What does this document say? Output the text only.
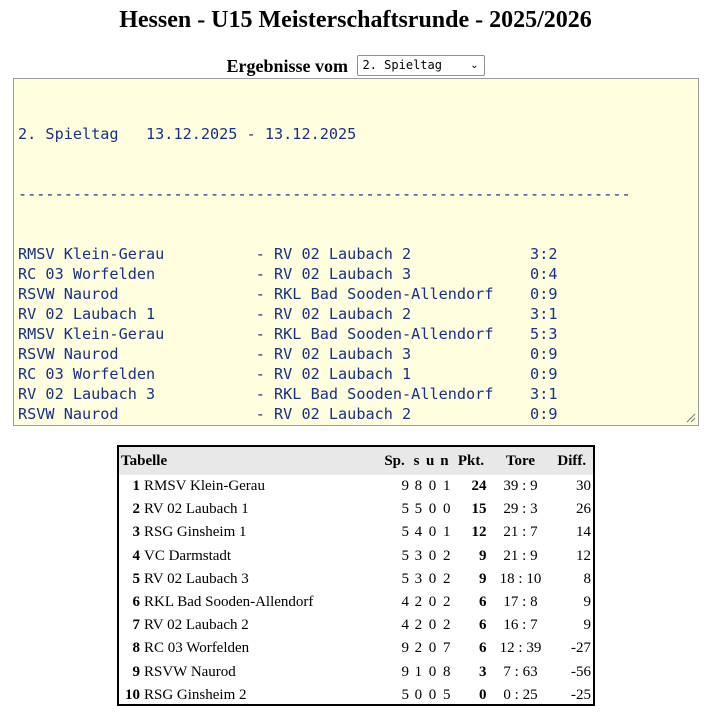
Hessen - U15 Meisterschaftsrunde - 2025/2026
Ergebnisse vom 2. Spieltag	⌄

2. Spieltag   13.12.2025 - 13.12.2025

-------------------------------------------------------------------

RMSV Klein-Gerau          - RV 02 Laubach 2             3:2
RC 03 Worfelden           - RV 02 Laubach 3             0:4
RSVW Naurod               - RKL Bad Sooden-Allendorf    0:9
RV 02 Laubach 1           - RV 02 Laubach 2             3:1
RMSV Klein-Gerau          - RKL Bad Sooden-Allendorf    5:3
RSVW Naurod               - RV 02 Laubach 3             0:9
RC 03 Worfelden           - RV 02 Laubach 1             0:9
RV 02 Laubach 3           - RKL Bad Sooden-Allendorf    3:1
RSVW Naurod               - RV 02 Laubach 2             0:9

Tabelle		Sp.	s	u	n	Pkt.	Tore	Diff.
1	RMSV Klein-Gerau	9	8	0	1	24	39 : 9	30
2	RV 02 Laubach 1	5	5	0	0	15	29 : 3	26
3	RSG Ginsheim 1	5	4	0	1	12	21 : 7	14
4	VC Darmstadt	5	3	0	2	9	21 : 9	12
5	RV 02 Laubach 3	5	3	0	2	9	18 : 10	8
6	RKL Bad Sooden-Allendorf	4	2	0	2	6	17 : 8	9
7	RV 02 Laubach 2	4	2	0	2	6	16 : 7	9
8	RC 03 Worfelden	9	2	0	7	6	12 : 39	-27
9	RSVW Naurod	9	1	0	8	3	7 : 63	-56
10	RSG Ginsheim 2	5	0	0	5	0	0 : 25	-25
